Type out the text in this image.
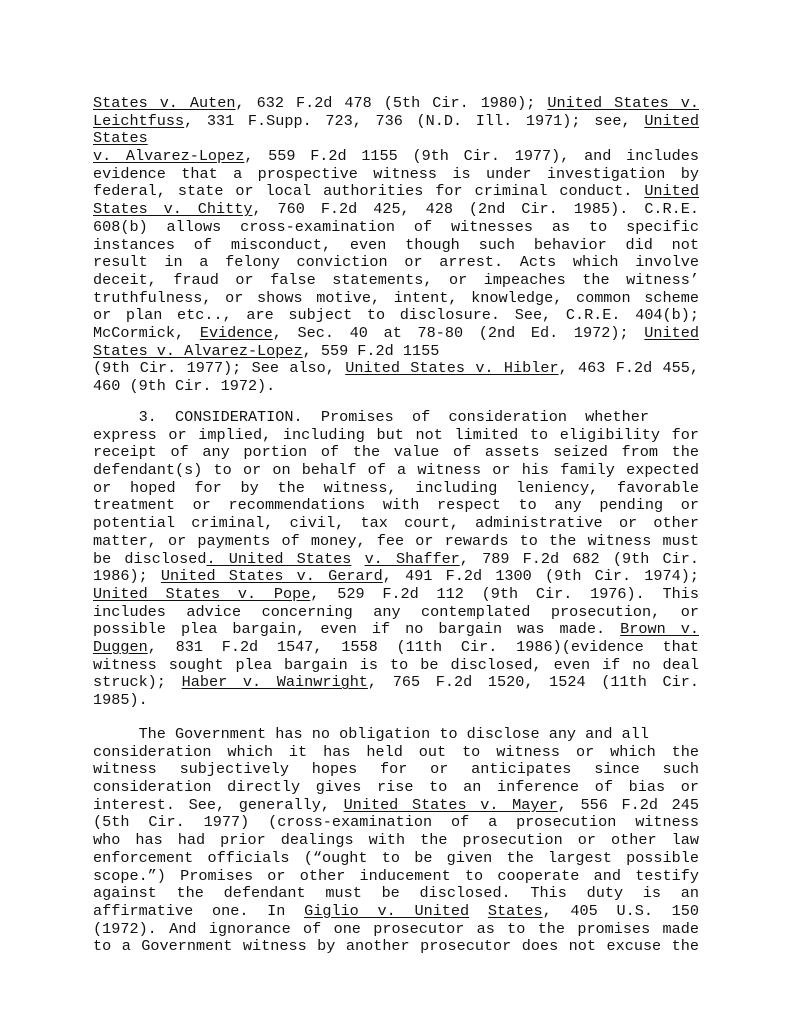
States v. Auten, 632 F.2d 478 (5th Cir. 1980); United States v.
Leichtfuss, 331 F.Supp. 723, 736 (N.D. Ill. 1971); see, United
States
v. Alvarez-Lopez, 559 F.2d 1155 (9th Cir. 1977), and includes
evidence that a prospective witness is under investigation by
federal, state or local authorities for criminal conduct. United
States v. Chitty, 760 F.2d 425, 428 (2nd Cir. 1985). C.R.E.
608(b) allows cross-examination of witnesses as to specific
instances of misconduct, even though such behavior did not
result in a felony conviction or arrest. Acts which involve
deceit, fraud or false statements, or impeaches the witness’
truthfulness, or shows motive, intent, knowledge, common scheme
or plan etc.., are subject to disclosure. See, C.R.E. 404(b);
McCormick, Evidence, Sec. 40 at 78-80 (2nd Ed. 1972); United
States v. Alvarez-Lopez, 559 F.2d 1155
(9th Cir. 1977); See also, United States v. Hibler, 463 F.2d 455,
460 (9th Cir. 1972).
3.  CONSIDERATION.  Promises  of  consideration  whether
express or implied, including but not limited to eligibility for
receipt of any portion of the value of assets seized from the
defendant(s) to or on behalf of a witness or his family expected
or hoped for by the witness, including leniency, favorable
treatment or recommendations with respect to any pending or
potential criminal, civil, tax court, administrative or other
matter, or payments of money, fee or rewards to the witness must
be disclosed. United States v. Shaffer, 789 F.2d 682 (9th Cir.
1986); United States v. Gerard, 491 F.2d 1300 (9th Cir. 1974);
United States v. Pope, 529 F.2d 112 (9th Cir. 1976). This
includes advice concerning any contemplated prosecution, or
possible plea bargain, even if no bargain was made. Brown v.
Duggen, 831 F.2d 1547, 1558 (11th Cir. 1986)(evidence that
witness sought plea bargain is to be disclosed, even if no deal
struck); Haber v. Wainwright, 765 F.2d 1520, 1524 (11th Cir.
1985).
The Government has no obligation to disclose any and all
consideration which it has held out to witness or which the
witness subjectively hopes for or anticipates since such
consideration directly gives rise to an inference of bias or
interest. See, generally, United States v. Mayer, 556 F.2d 245
(5th Cir. 1977) (cross-examination of a prosecution witness
who has had prior dealings with the prosecution or other law
enforcement officials (“ought to be given the largest possible
scope.”) Promises or other inducement to cooperate and testify
against the defendant must be disclosed. This duty is an
affirmative one. In Giglio v. United States, 405 U.S. 150
(1972). And ignorance of one prosecutor as to the promises made
to a Government witness by another prosecutor does not excuse the
